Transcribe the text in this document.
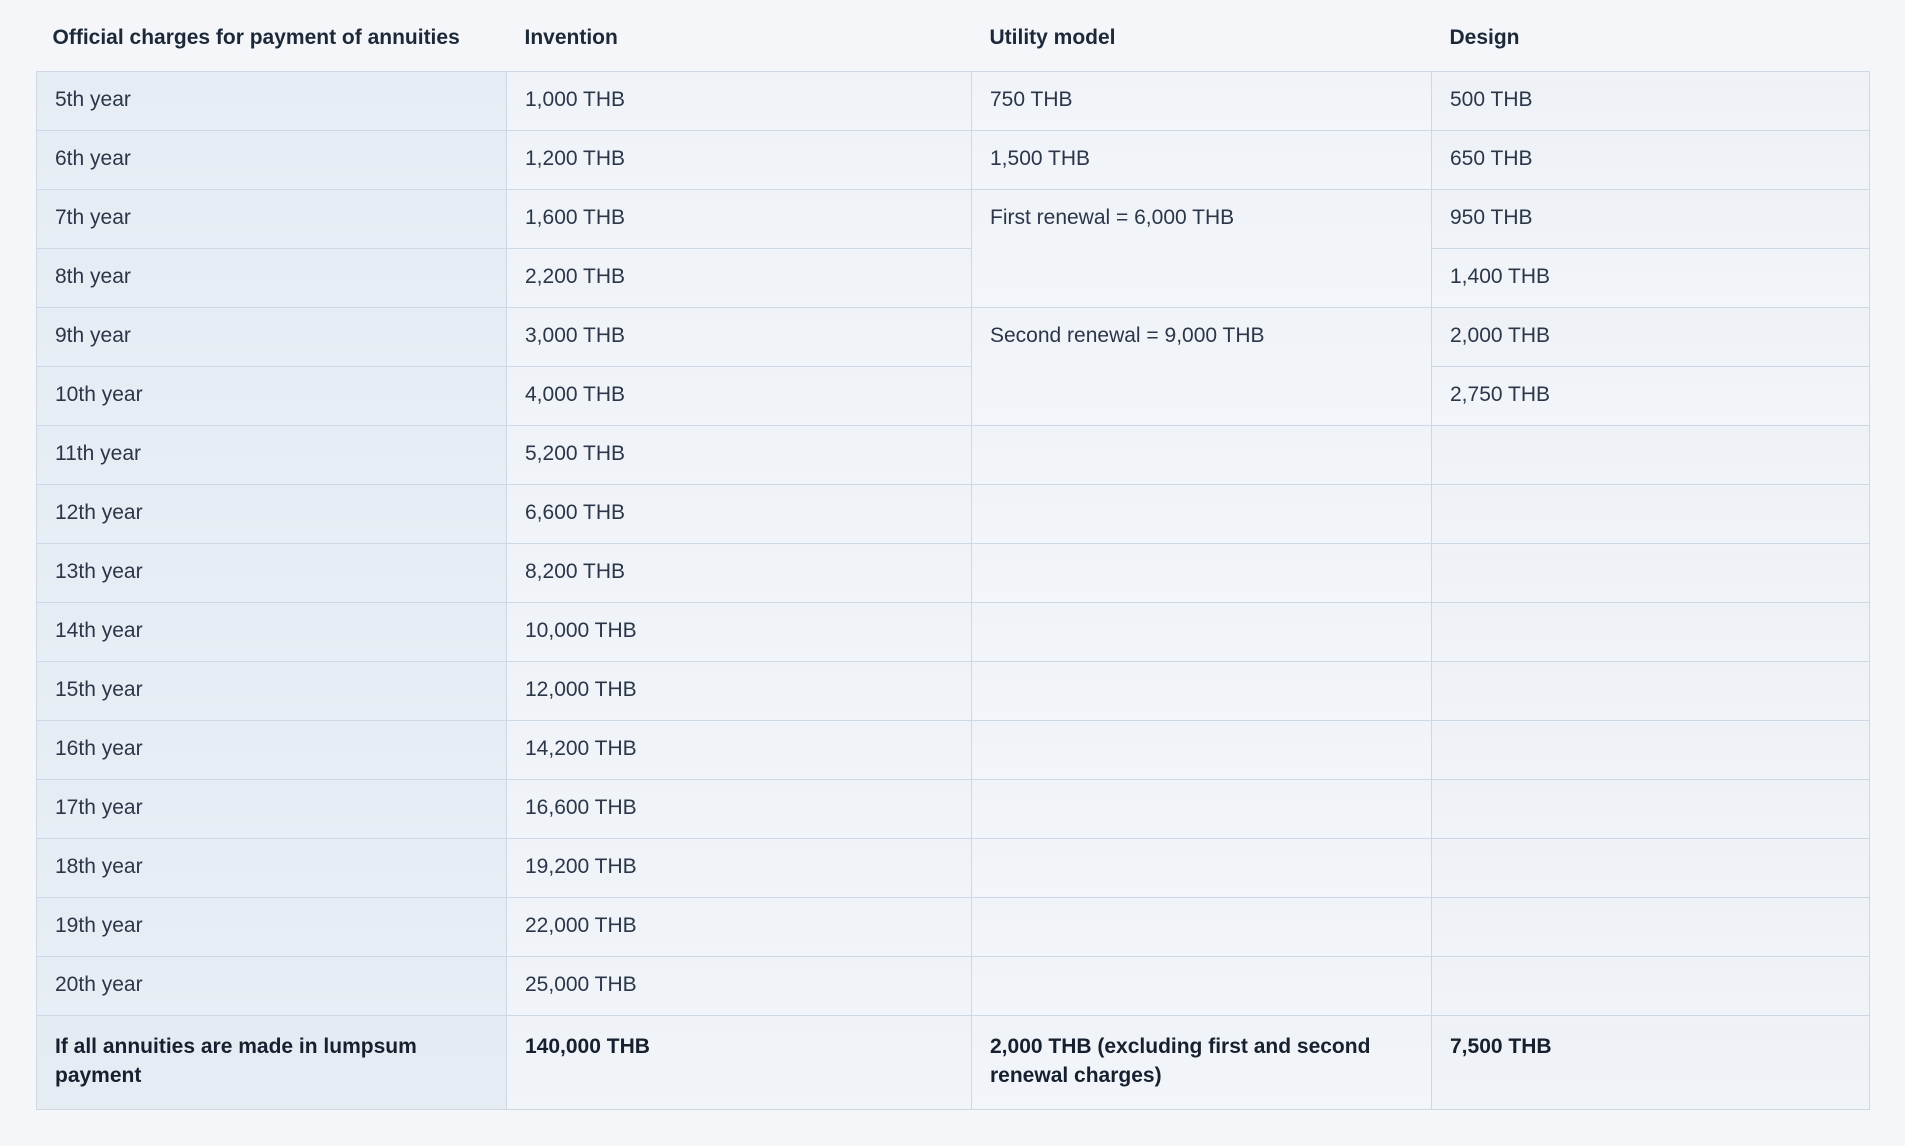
Official charges for payment of annuities	Invention	Utility model	Design
5th year	1,000 THB	750 THB	500 THB
6th year	1,200 THB	1,500 THB	650 THB
7th year	1,600 THB	First renewal = 6,000 THB	950 THB
8th year	2,200 THB		1,400 THB
9th year	3,000 THB	Second renewal = 9,000 THB	2,000 THB
10th year	4,000 THB		2,750 THB
11th year	5,200 THB		
12th year	6,600 THB		
13th year	8,200 THB		
14th year	10,000 THB		
15th year	12,000 THB		
16th year	14,200 THB		
17th year	16,600 THB		
18th year	19,200 THB		
19th year	22,000 THB		
20th year	25,000 THB		
If all annuities are made in lumpsum payment	140,000 THB	2,000 THB (excluding first and second renewal charges)	7,500 THB
